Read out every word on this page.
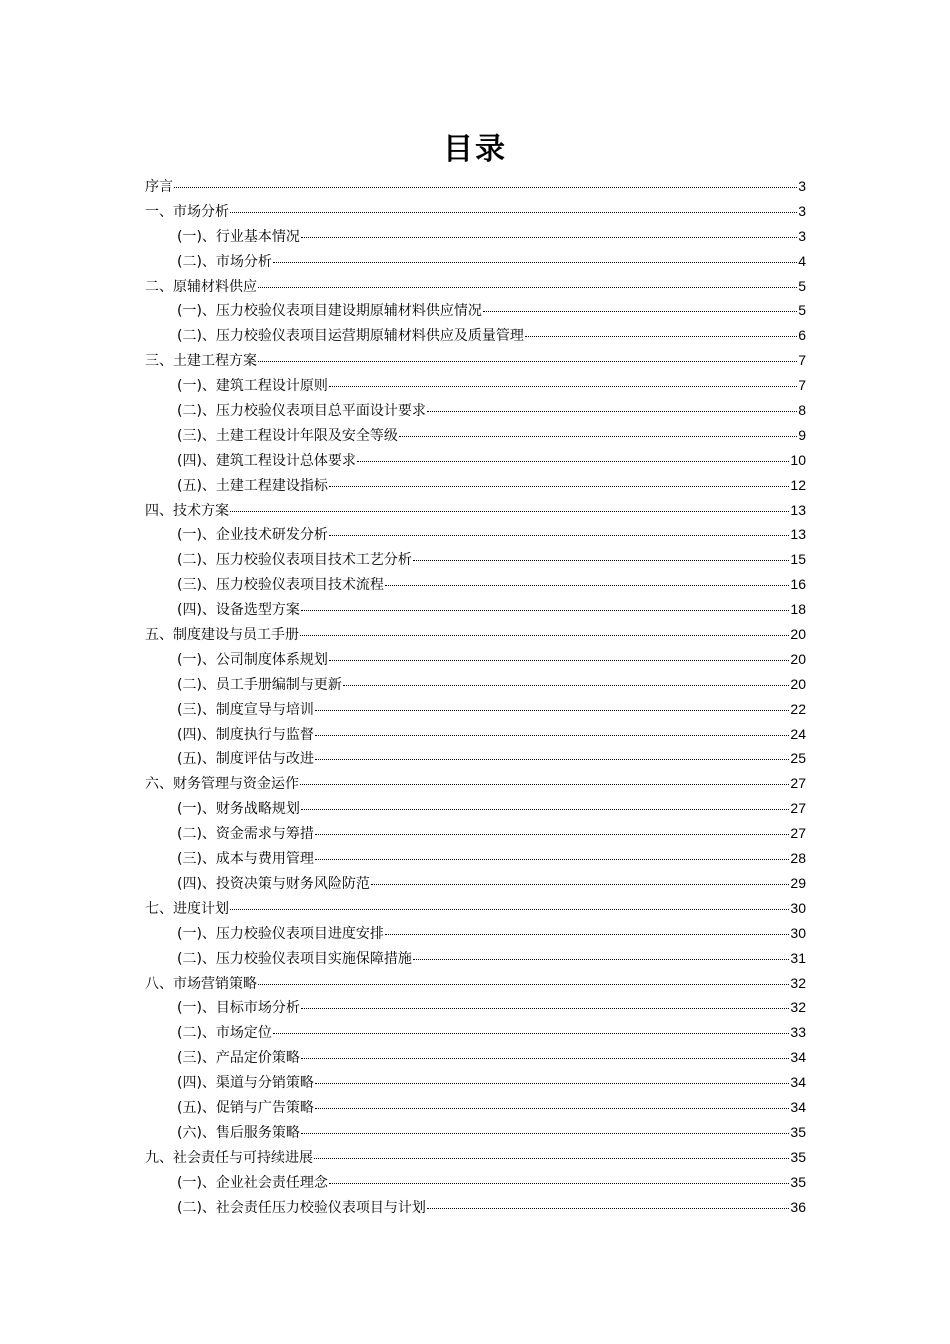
目录
序言	3
一、市场分析	3
(一)、行业基本情况	3
(二)、市场分析	4
二、原辅材料供应	5
(一)、压力校验仪表项目建设期原辅材料供应情况	5
(二)、压力校验仪表项目运营期原辅材料供应及质量管理	6
三、土建工程方案	7
(一)、建筑工程设计原则	7
(二)、压力校验仪表项目总平面设计要求	8
(三)、土建工程设计年限及安全等级	9
(四)、建筑工程设计总体要求	10
(五)、土建工程建设指标	12
四、技术方案	13
(一)、企业技术研发分析	13
(二)、压力校验仪表项目技术工艺分析	15
(三)、压力校验仪表项目技术流程	16
(四)、设备选型方案	18
五、制度建设与员工手册	20
(一)、公司制度体系规划	20
(二)、员工手册编制与更新	20
(三)、制度宣导与培训	22
(四)、制度执行与监督	24
(五)、制度评估与改进	25
六、财务管理与资金运作	27
(一)、财务战略规划	27
(二)、资金需求与筹措	27
(三)、成本与费用管理	28
(四)、投资决策与财务风险防范	29
七、进度计划	30
(一)、压力校验仪表项目进度安排	30
(二)、压力校验仪表项目实施保障措施	31
八、市场营销策略	32
(一)、目标市场分析	32
(二)、市场定位	33
(三)、产品定价策略	34
(四)、渠道与分销策略	34
(五)、促销与广告策略	34
(六)、售后服务策略	35
九、社会责任与可持续进展	35
(一)、企业社会责任理念	35
(二)、社会责任压力校验仪表项目与计划	36
